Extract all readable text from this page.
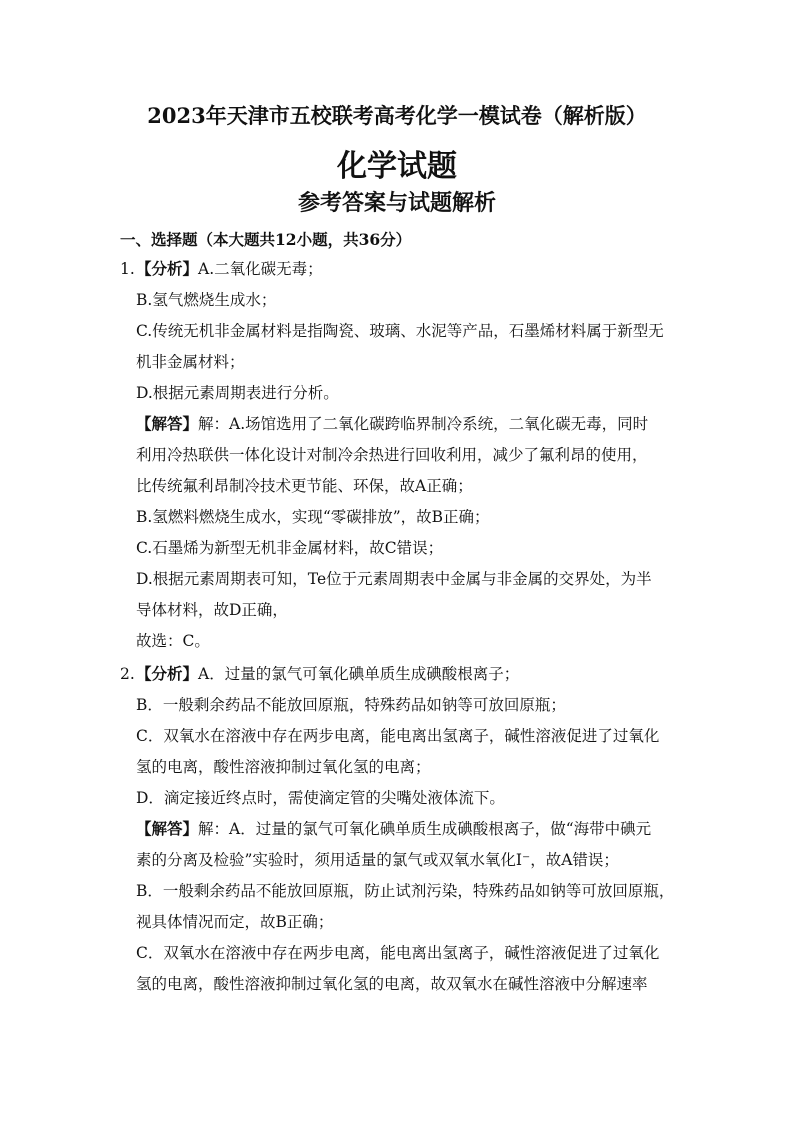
2023年天津市五校联考高考化学一模试卷（解析版）
化学试题
参考答案与试题解析
一、选择题（本大题共12小题，共36分）
1. 【分析】A.二氧化碳无毒；
B.氢气燃烧生成水；
C.传统无机非金属材料是指陶瓷、玻璃、水泥等产品，石墨烯材料属于新型无
机非金属材料；
D.根据元素周期表进行分析。
【解答】解：A.场馆选用了二氧化碳跨临界制冷系统，二氧化碳无毒，同时
利用冷热联供一体化设计对制冷余热进行回收利用，减少了氟利昂的使用，
比传统氟利昂制冷技术更节能、环保，故A正确；
B.氢燃料燃烧生成水，实现“零碳排放”，故B正确；
C.石墨烯为新型无机非金属材料，故C错误；
D.根据元素周期表可知，Te位于元素周期表中金属与非金属的交界处，为半
导体材料，故D正确，
故选：C。
2. 【分析】A．过量的氯气可氧化碘单质生成碘酸根离子；
B．一般剩余药品不能放回原瓶，特殊药品如钠等可放回原瓶；
C．双氧水在溶液中存在两步电离，能电离出氢离子，碱性溶液促进了过氧化
氢的电离，酸性溶液抑制过氧化氢的电离；
D．滴定接近终点时，需使滴定管的尖嘴处液体流下。
【解答】解：A．过量的氯气可氧化碘单质生成碘酸根离子，做“海带中碘元
素的分离及检验”实验时，须用适量的氯气或双氧水氧化I⁻，故A错误；
B．一般剩余药品不能放回原瓶，防止试剂污染，特殊药品如钠等可放回原瓶，
视具体情况而定，故B正确；
C．双氧水在溶液中存在两步电离，能电离出氢离子，碱性溶液促进了过氧化
氢的电离，酸性溶液抑制过氧化氢的电离，故双氧水在碱性溶液中分解速率
